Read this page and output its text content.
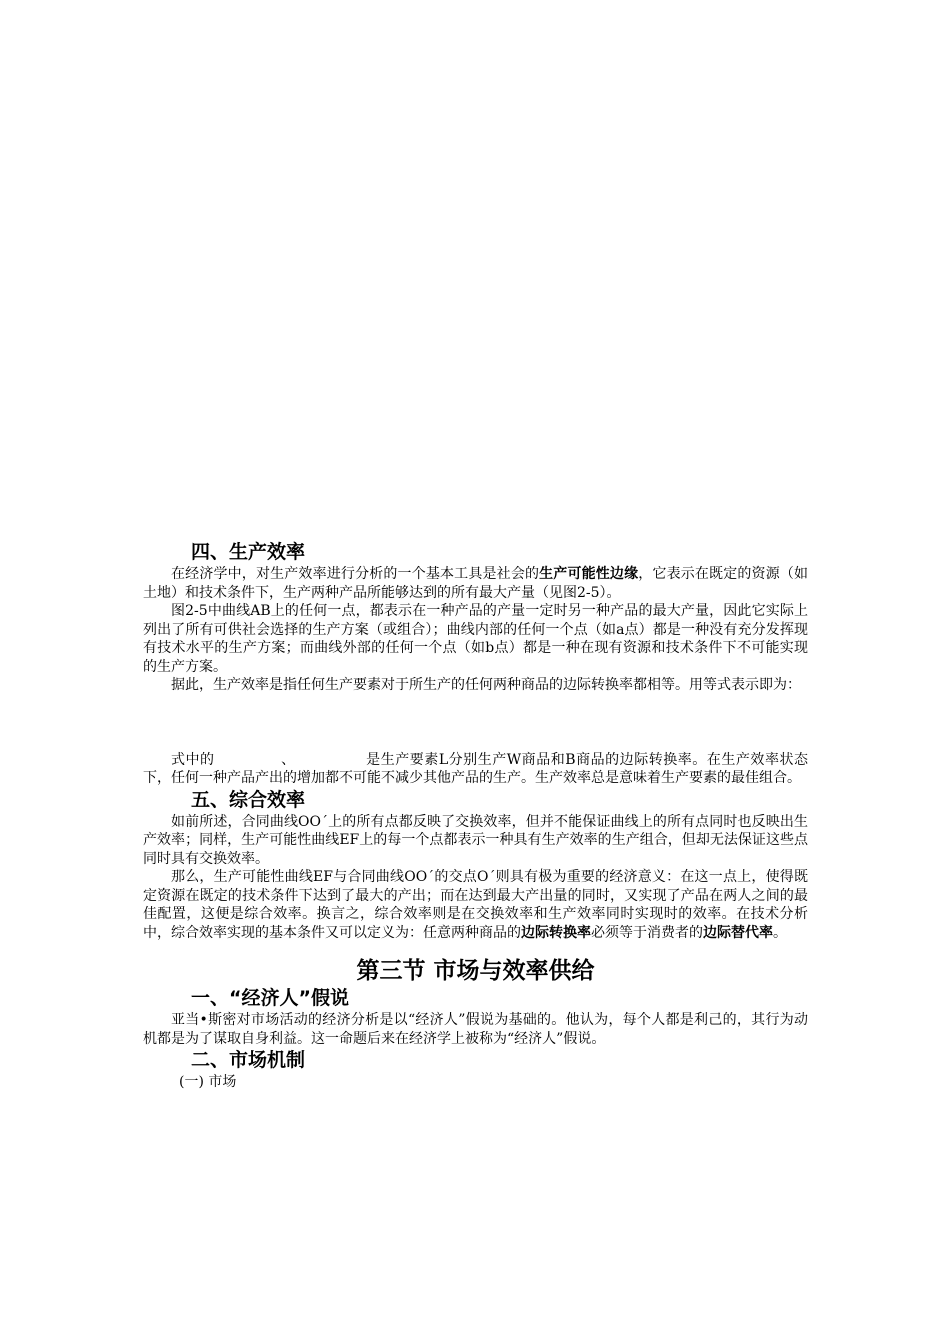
四、生产效率

在经济学中，对生产效率进行分析的一个基本工具是社会的生产可能性边缘，它表示在既定的资源（如土地）和技术条件下，生产两种产品所能够达到的所有最大产量（见图2-5）。

图2-5中曲线AB上的任何一点，都表示在一种产品的产量一定时另一种产品的最大产量，因此它实际上列出了所有可供社会选择的生产方案（或组合）；曲线内部的任何一个点（如a点）都是一种没有充分发挥现有技术水平的生产方案；而曲线外部的任何一个点（如b点）都是一种在现有资源和技术条件下不可能实现的生产方案。

据此，生产效率是指任何生产要素对于所生产的任何两种商品的边际转换率都相等。用等式表示即为：

式中的	、	是生产要素L分别生产W商品和B商品的边际转换率。在生产效率状态下，任何一种产品产出的增加都不可能不减少其他产品的生产。生产效率总是意味着生产要素的最佳组合。

五、综合效率

如前所述，合同曲线OO´上的所有点都反映了交换效率，但并不能保证曲线上的所有点同时也反映出生产效率；同样，生产可能性曲线EF上的每一个点都表示一种具有生产效率的生产组合，但却无法保证这些点同时具有交换效率。

那么，生产可能性曲线EF与合同曲线OO´的交点O´则具有极为重要的经济意义：在这一点上，使得既定资源在既定的技术条件下达到了最大的产出；而在达到最大产出量的同时，又实现了产品在两人之间的最佳配置，这便是综合效率。换言之，综合效率则是在交换效率和生产效率同时实现时的效率。在技术分析中，综合效率实现的基本条件又可以定义为：任意两种商品的边际转换率必须等于消费者的边际替代率。

第三节 市场与效率供给
一、“经济人”假说

亚当•斯密对市场活动的经济分析是以“经济人”假说为基础的。他认为，每个人都是利己的，其行为动机都是为了谋取自身利益。这一命题后来在经济学上被称为“经济人”假说。

二、市场机制

(一) 市场
